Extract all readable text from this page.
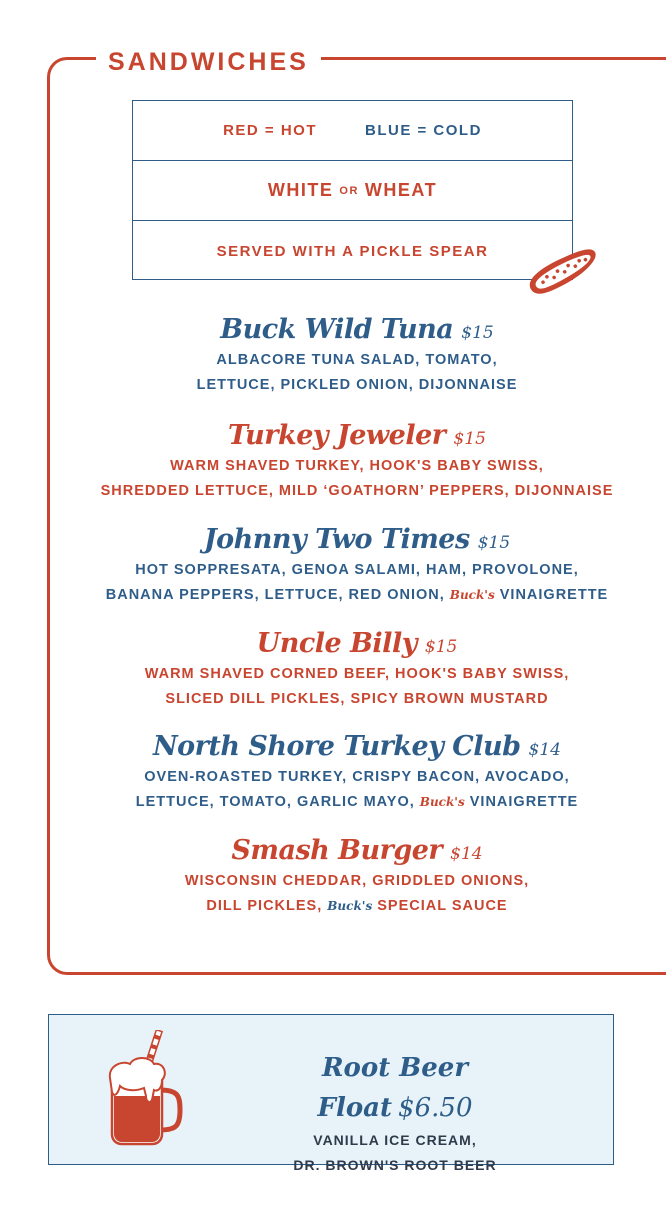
SANDWICHES
RED = HOT	BLUE = COLD
WHITE OR WHEAT
SERVED WITH A PICKLE SPEAR
Buck Wild Tuna $15
ALBACORE TUNA SALAD, TOMATO,
LETTUCE, PICKLED ONION, DIJONNAISE
Turkey Jeweler $15
WARM SHAVED TURKEY, HOOK'S BABY SWISS,
SHREDDED LETTUCE, MILD ‘GOATHORN’ PEPPERS, DIJONNAISE
Johnny Two Times $15
HOT SOPPRESATA, GENOA SALAMI, HAM, PROVOLONE,
BANANA PEPPERS, LETTUCE, RED ONION, Buck's VINAIGRETTE
Uncle Billy $15
WARM SHAVED CORNED BEEF, HOOK'S BABY SWISS,
SLICED DILL PICKLES, SPICY BROWN MUSTARD
North Shore Turkey Club $14
OVEN-ROASTED TURKEY, CRISPY BACON, AVOCADO,
LETTUCE, TOMATO, GARLIC MAYO, Buck's VINAIGRETTE
Smash Burger $14
WISCONSIN CHEDDAR, GRIDDLED ONIONS,
DILL PICKLES, Buck's SPECIAL SAUCE
Root Beer Float $6.50
VANILLA ICE CREAM,
DR. BROWN'S ROOT BEER
